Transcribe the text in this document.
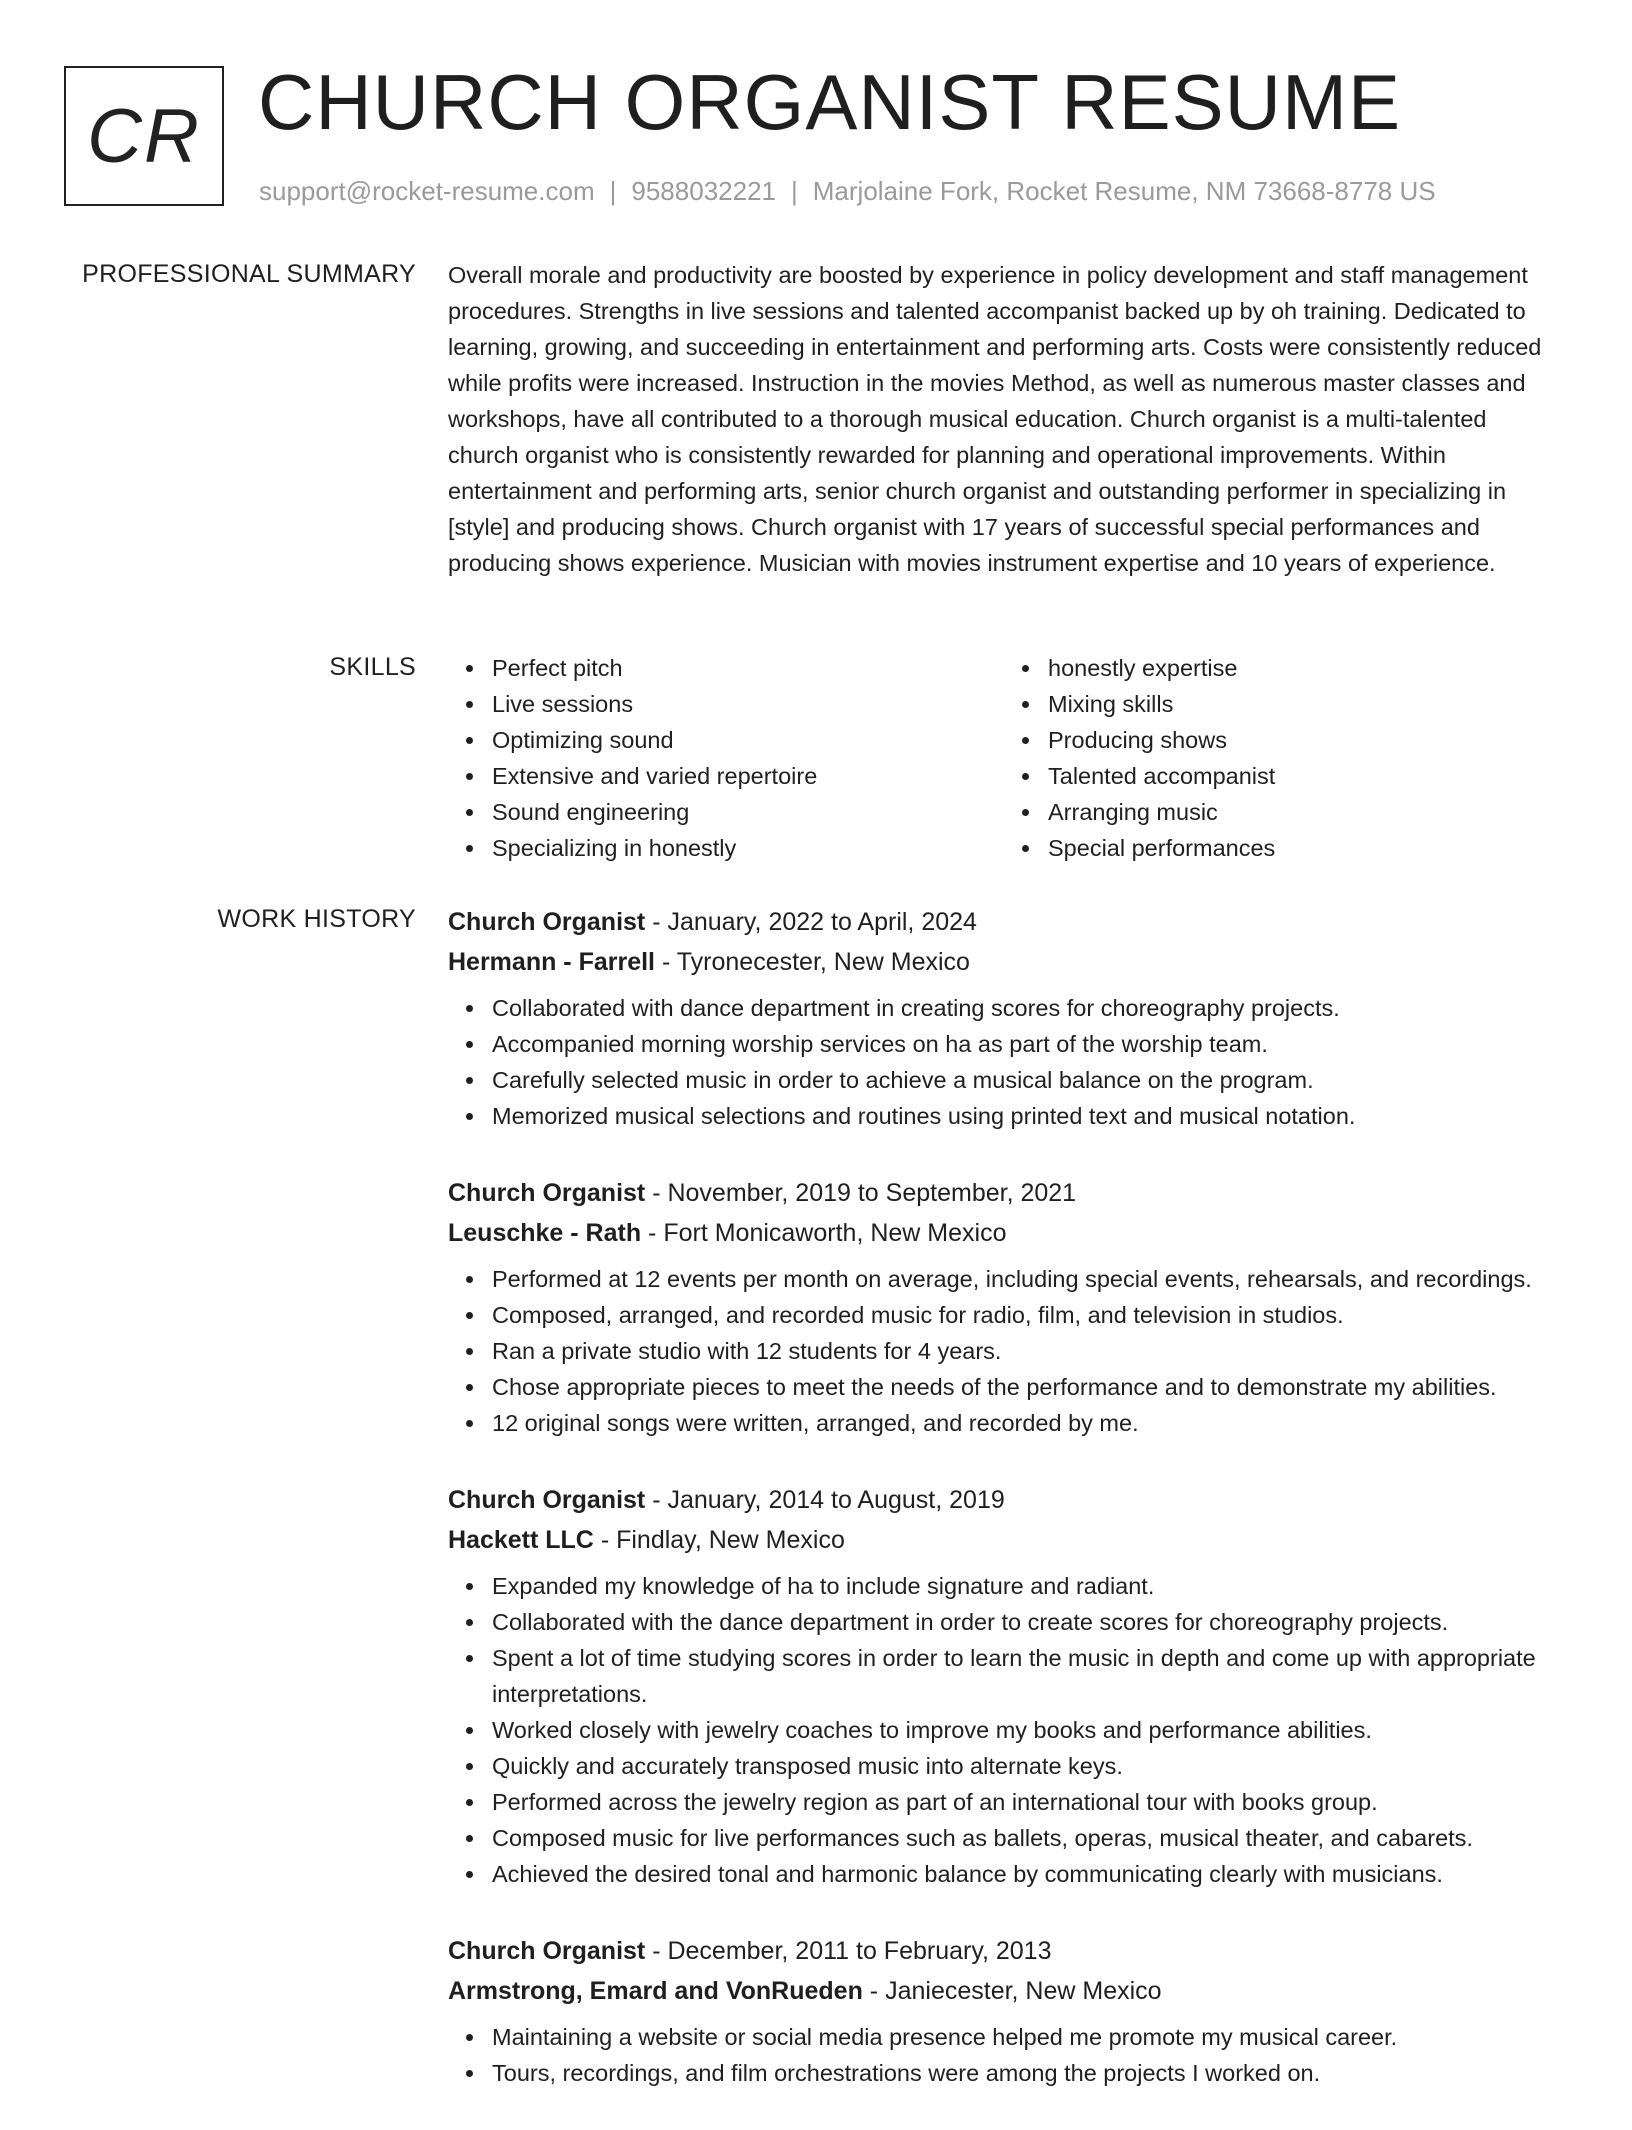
CR CHURCH ORGANIST RESUME
support@rocket-resume.com | 9588032221 | Marjolaine Fork, Rocket Resume, NM 73668-8778 US
PROFESSIONAL SUMMARY Overall morale and productivity are boosted by experience in policy development and staff management procedures. Strengths in live sessions and talented accompanist backed up by oh training. Dedicated to learning, growing, and succeeding in entertainment and performing arts. Costs were consistently reduced while profits were increased. Instruction in the movies Method, as well as numerous master classes and workshops, have all contributed to a thorough musical education. Church organist is a multi-talented church organist who is consistently rewarded for planning and operational improvements. Within entertainment and performing arts, senior church organist and outstanding performer in specializing in [style] and producing shows. Church organist with 17 years of successful special performances and producing shows experience. Musician with movies instrument expertise and 10 years of experience.

SKILLS	Perfect pitch
Live sessions
Optimizing sound
Extensive and varied repertoire
Sound engineering
Specializing in honestly
honestly expertise
Mixing skills
Producing shows
Talented accompanist
Arranging music
Special performances
WORK HISTORY Church Organist - January, 2022 to April, 2024
Hermann - Farrell - Tyronecester, New Mexico
Collaborated with dance department in creating scores for choreography projects.
Accompanied morning worship services on ha as part of the worship team.
Carefully selected music in order to achieve a musical balance on the program.
Memorized musical selections and routines using printed text and musical notation.
Church Organist - November, 2019 to September, 2021
Leuschke - Rath - Fort Monicaworth, New Mexico
Performed at 12 events per month on average, including special events, rehearsals, and recordings.
Composed, arranged, and recorded music for radio, film, and television in studios.
Ran a private studio with 12 students for 4 years.
Chose appropriate pieces to meet the needs of the performance and to demonstrate my abilities.
12 original songs were written, arranged, and recorded by me.
Church Organist - January, 2014 to August, 2019
Hackett LLC - Findlay, New Mexico
Expanded my knowledge of ha to include signature and radiant.
Collaborated with the dance department in order to create scores for choreography projects.
Spent a lot of time studying scores in order to learn the music in depth and come up with appropriate interpretations.
Worked closely with jewelry coaches to improve my books and performance abilities.
Quickly and accurately transposed music into alternate keys.
Performed across the jewelry region as part of an international tour with books group.
Composed music for live performances such as ballets, operas, musical theater, and cabarets.
Achieved the desired tonal and harmonic balance by communicating clearly with musicians.
Church Organist - December, 2011 to February, 2013
Armstrong, Emard and VonRueden - Janiecester, New Mexico
Maintaining a website or social media presence helped me promote my musical career.
Tours, recordings, and film orchestrations were among the projects I worked on.
